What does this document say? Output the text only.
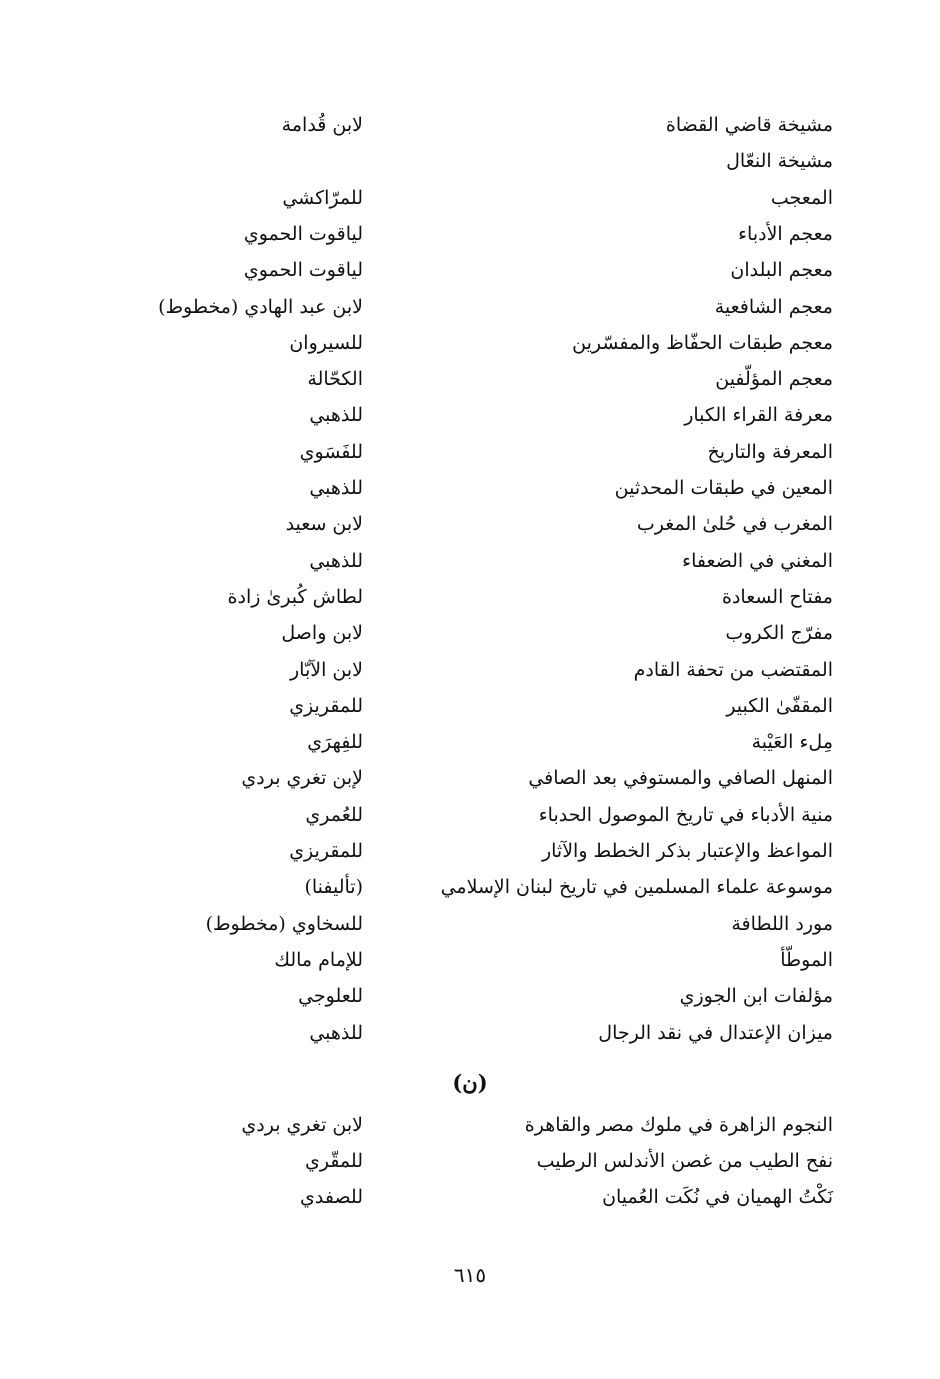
مشيخة قاضي القضاة
لابن قُدامة
مشيخة النعّال
المعجب
للمرّاكشي
معجم الأدباء
لياقوت الحموي
معجم البلدان
لياقوت الحموي
معجم الشافعية
لابن عبد الهادي (مخطوط)
معجم طبقات الحفّاظ والمفسّرين
للسيروان
معجم المؤلّفين
الكحّالة
معرفة القراء الكبار
للذهبي
المعرفة والتاريخ
للفَسَوي
المعين في طبقات المحدثين
للذهبي
المغرب في حُلىٰ المغرب
لابن سعيد
المغني في الضعفاء
للذهبي
مفتاح السعادة
لطاش كُبرىٰ زادة
مفرّج الكروب
لابن واصل
المقتضب من تحفة القادم
لابن الآبّار
المقفّىٰ الكبير
للمقريزي
مِلء العَيْبة
للفِهرَي
المنهل الصافي والمستوفي بعد الصافي
لإبن تغري بردي
منية الأدباء في تاريخ الموصول الحدباء
للعُمري
المواعظ والإعتبار بذكر الخطط والآثار
للمقريزي
موسوعة علماء المسلمين في تاريخ لبنان الإسلامي
(تأليفنا)
مورد اللطافة
للسخاوي (مخطوط)
الموطّأ
للإمام مالك
مؤلفات ابن الجوزي
للعلوجي
ميزان الإعتدال في نقد الرجال
للذهبي
(ن)
النجوم الزاهرة في ملوك مصر والقاهرة
لابن تغري بردي
نفح الطيب من غصن الأندلس الرطيب
للمقّري
نَكْتُ الهميان في نُكَت العُميان
للصفدي
٦١٥
